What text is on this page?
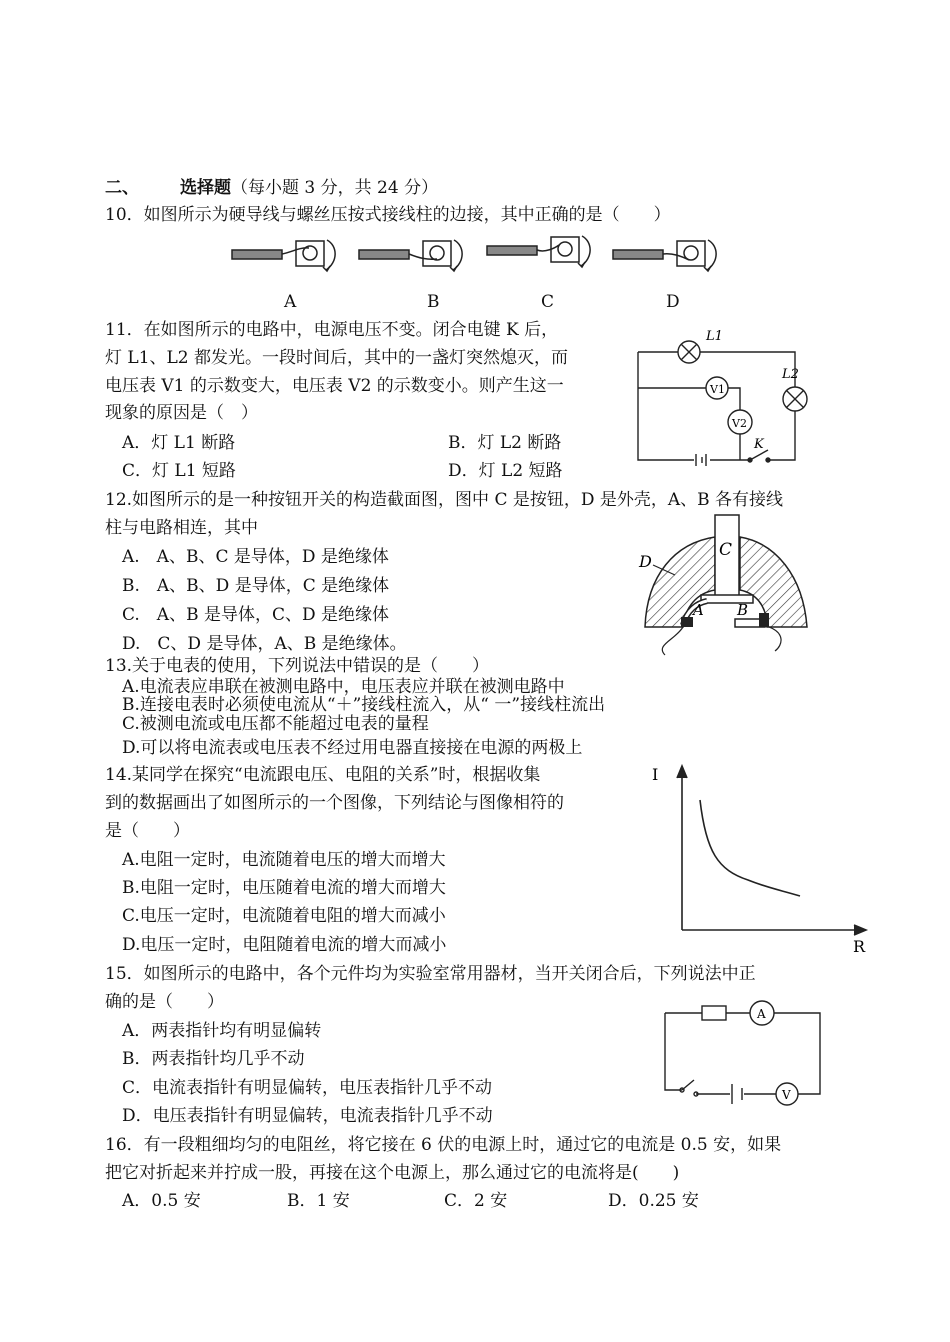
二、 选择题（每小题 3 分，共 24 分）
10．如图所示为硬导线与螺丝压按式接线柱的边接，其中正确的是（　　）
A	B	C	D
11．在如图所示的电路中，电源电压不变。闭合电键 K 后，
灯 L1、L2 都发光。一段时间后，其中的一盏灯突然熄灭，而
电压表 V1 的示数变大，电压表 V2 的示数变小。则产生这一
现象的原因是（　）
A．灯 L1 断路	B．灯 L2 断路
C．灯 L1 短路	D．灯 L2 短路
L1
V1
V2
L2
K
12.如图所示的是一种按钮开关的构造截面图，图中 C 是按钮，D 是外壳，A、B 各有接线
柱与电路相连，其中
A.　A、B、C 是导体，D 是绝缘体
B.　A、B、D 是导体，C 是绝缘体
C.　A、B 是导体，C、D 是绝缘体
D.　C、D 是导体，A、B 是绝缘体。
C
D
A B
13.关于电表的使用，下列说法中错误的是（　　）
A.电流表应串联在被测电路中，电压表应并联在被测电路中
B.连接电表时必须使电流从“＋”接线柱流入，从“ 一”接线柱流出
C.被测电流或电压都不能超过电表的量程
D.可以将电流表或电压表不经过用电器直接接在电源的两极上
14.某同学在探究“电流跟电压、电阻的关系”时，根据收集
到的数据画出了如图所示的一个图像，下列结论与图像相符的
是（　　）
A.电阻一定时，电流随着电压的增大而增大
B.电阻一定时，电压随着电流的增大而增大
C.电压一定时，电流随着电阻的增大而减小
D.电压一定时，电阻随着电流的增大而减小
I
R
15．如图所示的电路中，各个元件均为实验室常用器材，当开关闭合后，下列说法中正
确的是（　　）
A．两表指针均有明显偏转
B．两表指针均几乎不动
C．电流表指针有明显偏转，电压表指针几乎不动
D．电压表指针有明显偏转，电流表指针几乎不动
A
V
16．有一段粗细均匀的电阻丝，将它接在 6 伏的电源上时，通过它的电流是 0.5 安，如果
把它对折起来并拧成一股，再接在这个电源上，那么通过它的电流将是(　　)
A．0.5 安	B．1 安	C．2 安	D．0.25 安
